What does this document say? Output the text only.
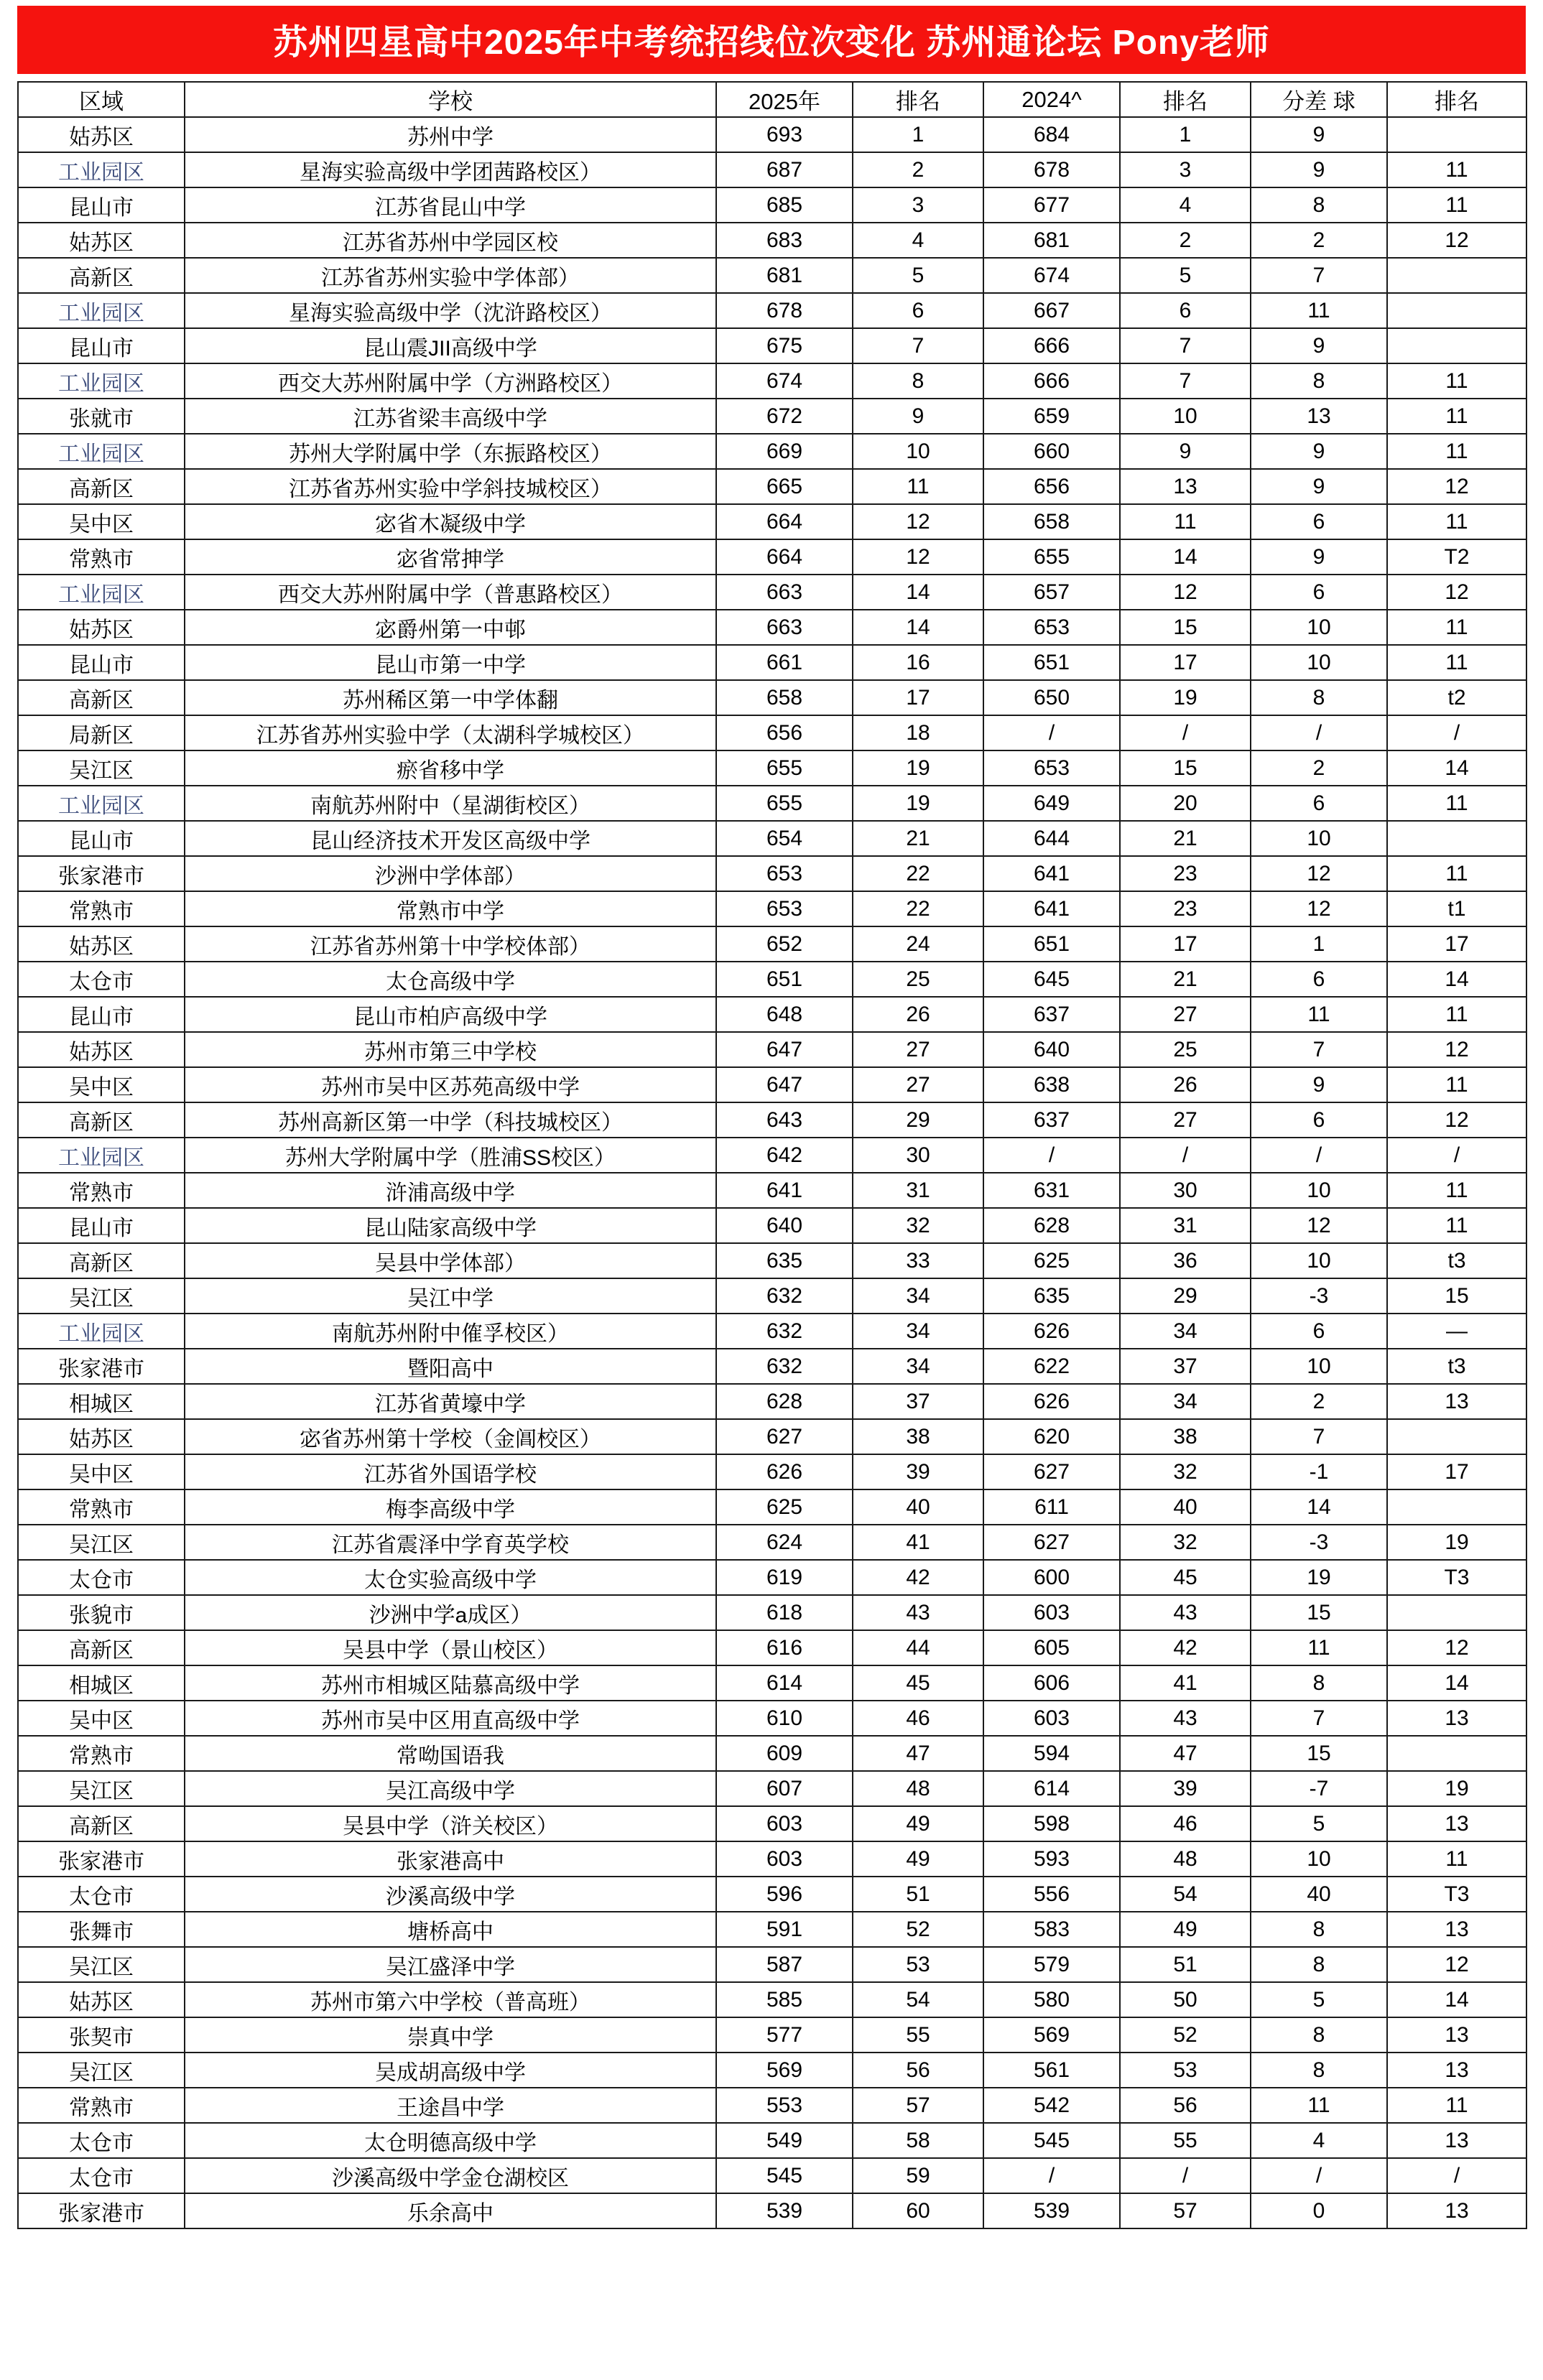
苏州四星高中2025年中考统招线位次变化 苏州通论坛 Pony老师
区域	学校	2025年	排名	2024^	排名	分差 球	排名
姑苏区	苏州中学	693	1	684	1	9	
工业园区	星海实验高级中学团茜路校区）	687	2	678	3	9	11
昆山市	江苏省昆山中学	685	3	677	4	8	11
姑苏区	江苏省苏州中学园区校	683	4	681	2	2	12
高新区	江苏省苏州实验中学体部）	681	5	674	5	7	
工业园区	星海实验高级中学（沈浒路校区）	678	6	667	6	11	
昆山市	昆山震JII高级中学	675	7	666	7	9	
工业园区	西交大苏州附属中学（方洲路校区）	674	8	666	7	8	11
张就市	江苏省梁丰高级中学	672	9	659	10	13	11
工业园区	苏州大学附属中学（东振路校区）	669	10	660	9	9	11
高新区	江苏省苏州实验中学斜技城校区）	665	11	656	13	9	12
吴中区	宓省木凝级中学	664	12	658	11	6	11
常熟市	宓省常抻学	664	12	655	14	9	T2
工业园区	西交大苏州附属中学（普惠路校区）	663	14	657	12	6	12
姑苏区	宓爵州第一中邨	663	14	653	15	10	11
昆山市	昆山市第一中学	661	16	651	17	10	11
高新区	苏州稀区第一中学体翻	658	17	650	19	8	t2
局新区	江苏省苏州实验中学（太湖科学城校区）	656	18	/	/	/	/
吴江区	瘀省移中学	655	19	653	15	2	14
工业园区	南航苏州附中（星湖街校区）	655	19	649	20	6	11
昆山市	昆山经济技术开发区高级中学	654	21	644	21	10	
张家港市	沙洲中学体部）	653	22	641	23	12	11
常熟市	常熟市中学	653	22	641	23	12	t1
姑苏区	江苏省苏州第十中学校体部）	652	24	651	17	1	17
太仓市	太仓高级中学	651	25	645	21	6	14
昆山市	昆山市柏庐高级中学	648	26	637	27	11	11
姑苏区	苏州市第三中学校	647	27	640	25	7	12
吴中区	苏州市吴中区苏苑高级中学	647	27	638	26	9	11
高新区	苏州高新区第一中学（科技城校区）	643	29	637	27	6	12
工业园区	苏州大学附属中学（胜浦SS校区）	642	30	/	/	/	/
常熟市	浒浦高级中学	641	31	631	30	10	11
昆山市	昆山陆家高级中学	640	32	628	31	12	11
高新区	吴县中学体部）	635	33	625	36	10	t3
吴江区	吴江中学	632	34	635	29	-3	15
工业园区	南航苏州附中傕孚校区）	632	34	626	34	6	—
张家港市	暨阳高中	632	34	622	37	10	t3
相城区	江苏省黄壕中学	628	37	626	34	2	13
姑苏区	宓省苏州第十学校（金阊校区）	627	38	620	38	7	
吴中区	江苏省外国语学校	626	39	627	32	-1	17
常熟市	梅李高级中学	625	40	611	40	14	
吴江区	江苏省震泽中学育英学校	624	41	627	32	-3	19
太仓市	太仓实验高级中学	619	42	600	45	19	T3
张貌市	沙洲中学a成区）	618	43	603	43	15	
高新区	吴县中学（景山校区）	616	44	605	42	11	12
相城区	苏州市相城区陆慕高级中学	614	45	606	41	8	14
吴中区	苏州市吴中区用直高级中学	610	46	603	43	7	13
常熟市	常呦国语我	609	47	594	47	15	
吴江区	吴江高级中学	607	48	614	39	-7	19
高新区	吴县中学（浒关校区）	603	49	598	46	5	13
张家港市	张家港高中	603	49	593	48	10	11
太仓市	沙溪高级中学	596	51	556	54	40	T3
张舞市	塘桥高中	591	52	583	49	8	13
吴江区	吴江盛泽中学	587	53	579	51	8	12
姑苏区	苏州市第六中学校（普高班）	585	54	580	50	5	14
张契市	崇真中学	577	55	569	52	8	13
吴江区	吴成胡高级中学	569	56	561	53	8	13
常熟市	王途昌中学	553	57	542	56	11	11
太仓市	太仓明德高级中学	549	58	545	55	4	13
太仓市	沙溪高级中学金仓湖校区	545	59	/	/	/	/
张家港市	乐余高中	539	60	539	57	0	13
